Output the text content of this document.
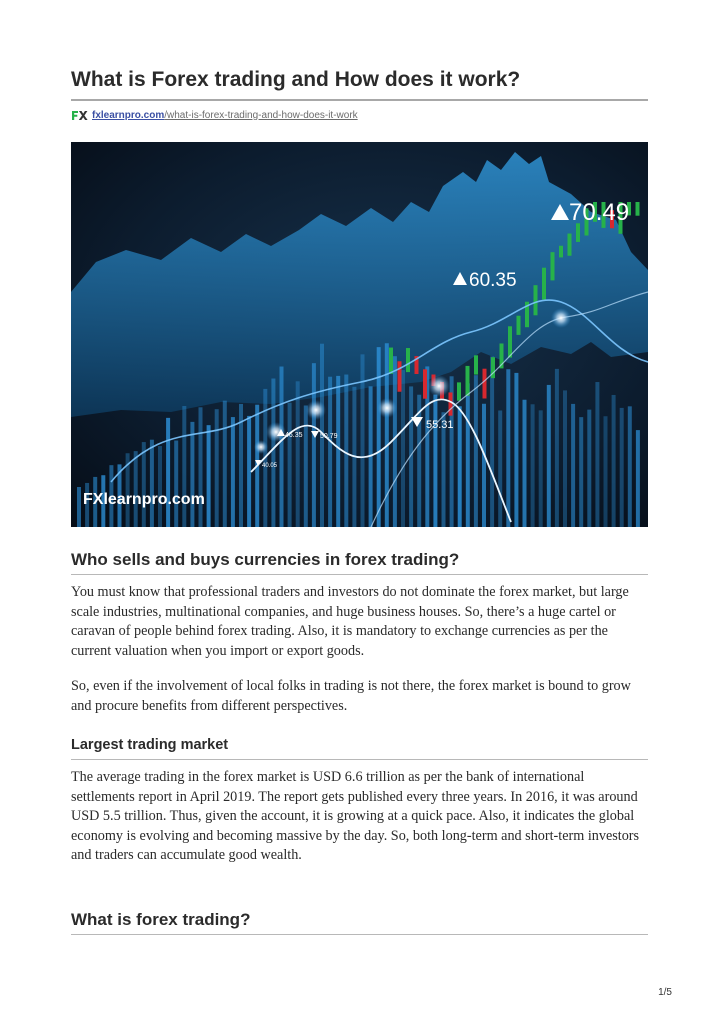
What is Forex trading and How does it work?
fxlearnpro.com /what-is-forex-trading-and-how-does-it-work
70.49
60.35
55.31
46.35 50.79
40.05
FXlearnpro.com
Who sells and buys currencies in forex trading?

You must know that professional traders and investors do not dominate the forex market, but large scale industries, multinational companies, and huge business houses. So, there’s a huge cartel or caravan of people behind forex trading. Also, it is mandatory to exchange currencies as per the current valuation when you import or export goods.

So, even if the involvement of local folks in trading is not there, the forex market is bound to grow and procure benefits from different perspectives.

Largest trading market

The average trading in the forex market is USD 6.6 trillion as per the bank of international settlements report in April 2019. The report gets published every three years. In 2016, it was around USD 5.5 trillion. Thus, given the account, it is growing at a quick pace. Also, it indicates the global economy is evolving and becoming massive by the day. So, both long-term and short-term investors and traders can accumulate good wealth.

What is forex trading?
1/5
